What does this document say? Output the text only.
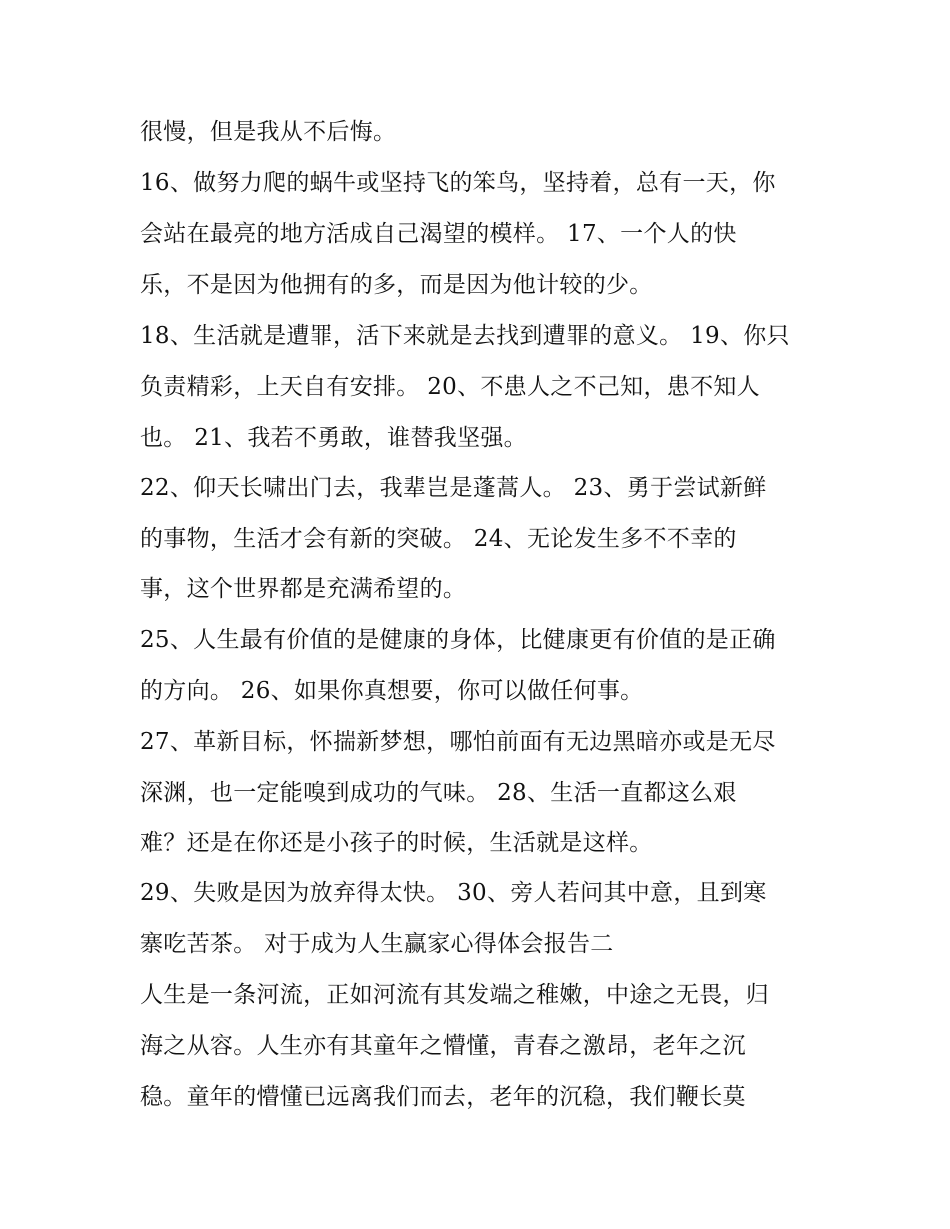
很慢，但是我从不后悔。
16、做努力爬的蜗牛或坚持飞的笨鸟，坚持着，总有一天，你
会站在最亮的地方活成自己渴望的模样。 17、一个人的快
乐，不是因为他拥有的多，而是因为他计较的少。
18、生活就是遭罪，活下来就是去找到遭罪的意义。 19、你只
负责精彩，上天自有安排。 20、不患人之不己知，患不知人
也。 21、我若不勇敢，谁替我坚强。
22、仰天长啸出门去，我辈岂是蓬蒿人。 23、勇于尝试新鲜
的事物，生活才会有新的突破。 24、无论发生多不不幸的
事，这个世界都是充满希望的。
25、人生最有价值的是健康的身体，比健康更有价值的是正确
的方向。 26、如果你真想要，你可以做任何事。
27、革新目标，怀揣新梦想，哪怕前面有无边黑暗亦或是无尽
深渊，也一定能嗅到成功的气味。 28、生活一直都这么艰
难？还是在你还是小孩子的时候，生活就是这样。
29、失败是因为放弃得太快。 30、旁人若问其中意，且到寒
寨吃苦茶。 对于成为人生赢家心得体会报告二
人生是一条河流，正如河流有其发端之稚嫩，中途之无畏，归
海之从容。人生亦有其童年之懵懂，青春之激昂，老年之沉
稳。童年的懵懂已远离我们而去，老年的沉稳，我们鞭长莫
